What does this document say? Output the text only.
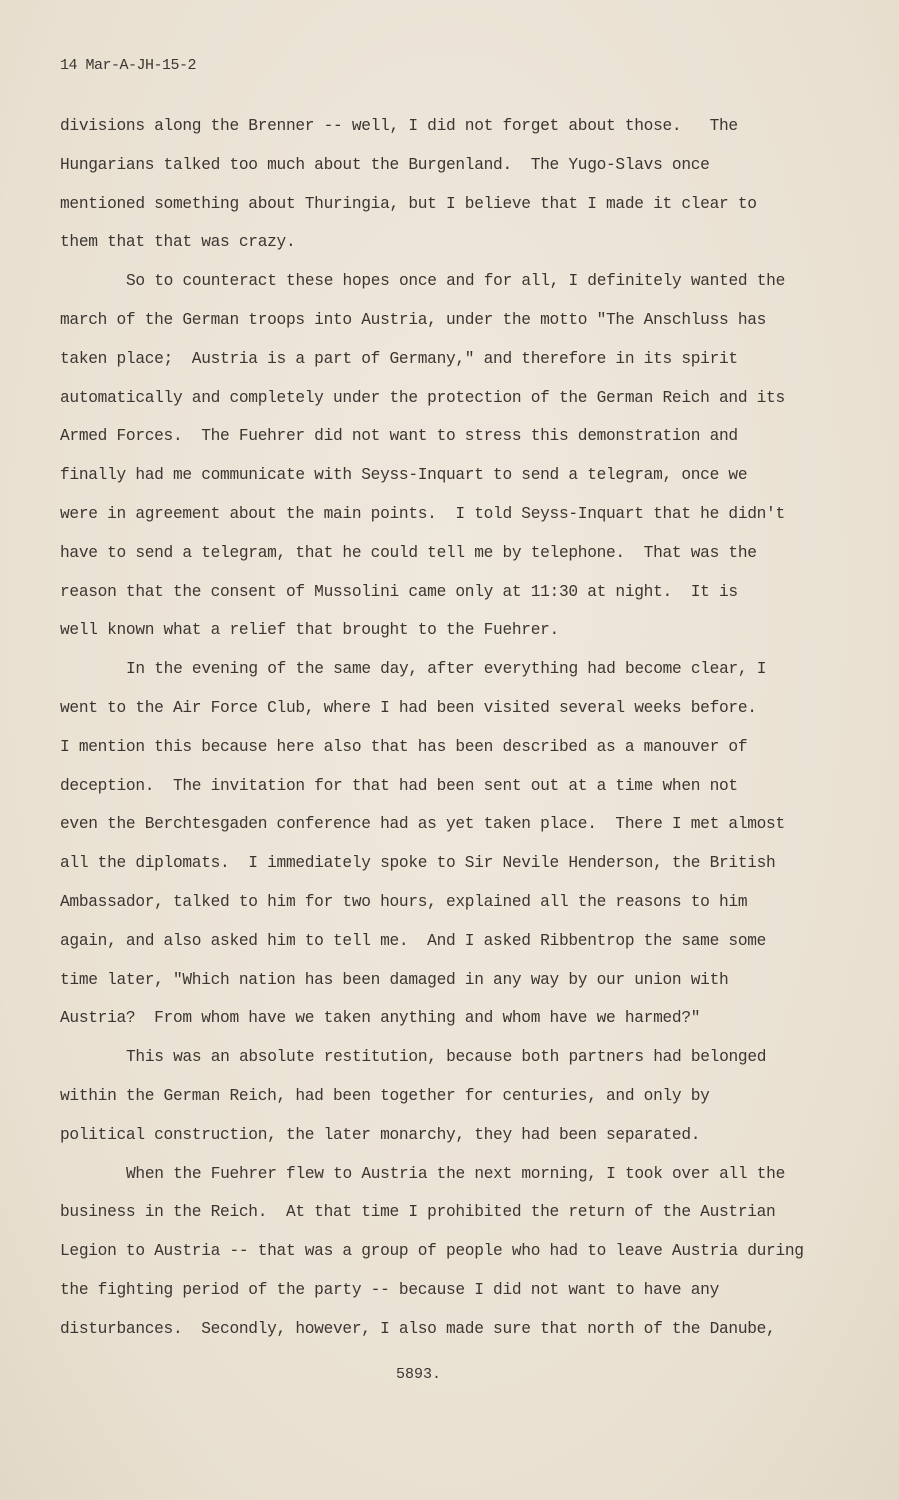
14 Mar-A-JH-15-2
divisions along the Brenner -- well, I did not forget about those.   The
Hungarians talked too much about the Burgenland.  The Yugo-Slavs once
mentioned something about Thuringia, but I believe that I made it clear to
them that that was crazy.
So to counteract these hopes once and for all, I definitely wanted the
march of the German troops into Austria, under the motto "The Anschluss has
taken place;  Austria is a part of Germany," and therefore in its spirit
automatically and completely under the protection of the German Reich and its
Armed Forces.  The Fuehrer did not want to stress this demonstration and
finally had me communicate with Seyss-Inquart to send a telegram, once we
were in agreement about the main points.  I told Seyss-Inquart that he didn't
have to send a telegram, that he could tell me by telephone.  That was the
reason that the consent of Mussolini came only at 11:30 at night.  It is
well known what a relief that brought to the Fuehrer.
In the evening of the same day, after everything had become clear, I
went to the Air Force Club, where I had been visited several weeks before.
I mention this because here also that has been described as a manouver of
deception.  The invitation for that had been sent out at a time when not
even the Berchtesgaden conference had as yet taken place.  There I met almost
all the diplomats.  I immediately spoke to Sir Nevile Henderson, the British
Ambassador, talked to him for two hours, explained all the reasons to him
again, and also asked him to tell me.  And I asked Ribbentrop the same some
time later, "Which nation has been damaged in any way by our union with
Austria?  From whom have we taken anything and whom have we harmed?"
This was an absolute restitution, because both partners had belonged
within the German Reich, had been together for centuries, and only by
political construction, the later monarchy, they had been separated.
When the Fuehrer flew to Austria the next morning, I took over all the
business in the Reich.  At that time I prohibited the return of the Austrian
Legion to Austria -- that was a group of people who had to leave Austria during
the fighting period of the party -- because I did not want to have any
disturbances.  Secondly, however, I also made sure that north of the Danube,
5893.
